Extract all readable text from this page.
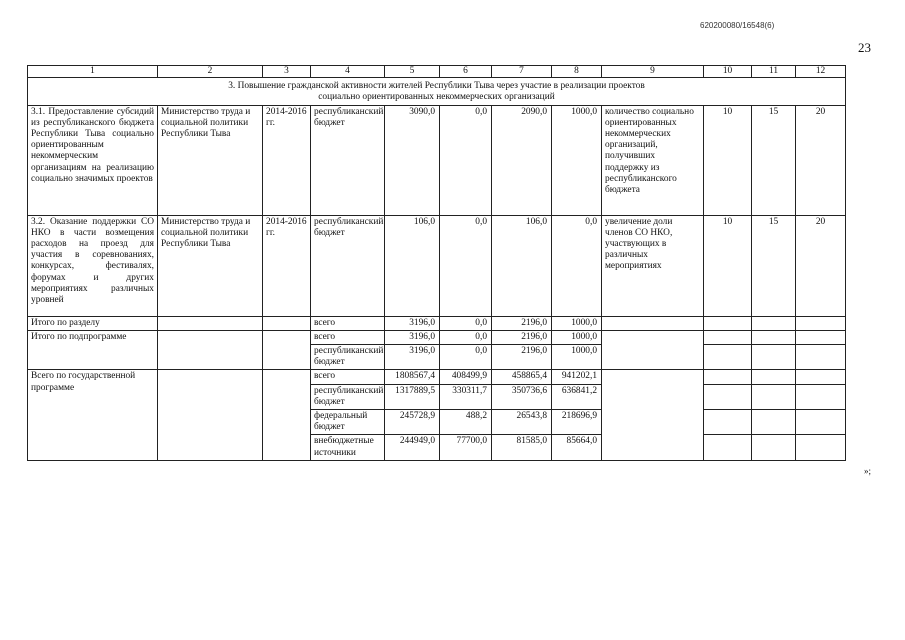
620200080/16548(6)
23
»;
1	2	3	4	5	6	7	8	9	10	11	12
3. Повышение гражданской активности жителей Республики Тыва через участие в реализации проектов социально ориентированных некоммерческих организаций											
3.1. Предоставление субсидий из республиканского бюджета Республики Тыва социально ориентированным некоммерческим организациям на реализацию социально значимых проектов	Министерство труда и социальной политики Республики Тыва	2014-2016 гг.	республиканский бюджет	3090,0	0,0	2090,0	1000,0	количество социально ориентированных некоммерческих организаций, получивших поддержку из республиканского бюджета	10	15	20
3.2. Оказание поддержки СО НКО в части возмещения расходов на проезд для участия в соревнованиях, конкурсах, фестивалях, форумах и других мероприятиях различных уровней	Министерство труда и социальной политики Республики Тыва	2014-2016 гг.	республиканский бюджет	106,0	0,0	106,0	0,0	увеличение доли членов СО НКО, участвующих в различных мероприятиях	10	15	20
Итого по разделу			всего	3196,0	0,0	2196,0	1000,0				
Итого по подпрограмме			всего	3196,0	0,0	2196,0	1000,0				
			республиканский бюджет	3196,0	0,0	2196,0	1000,0				
Всего по государственной программе			всего	1808567,4	408499,9	458865,4	941202,1				
			республиканский бюджет	1317889,5	330311,7	350736,6	636841,2				
			федеральный бюджет	245728,9	488,2	26543,8	218696,9				
			внебюджетные источники	244949,0	77700,0	81585,0	85664,0				
